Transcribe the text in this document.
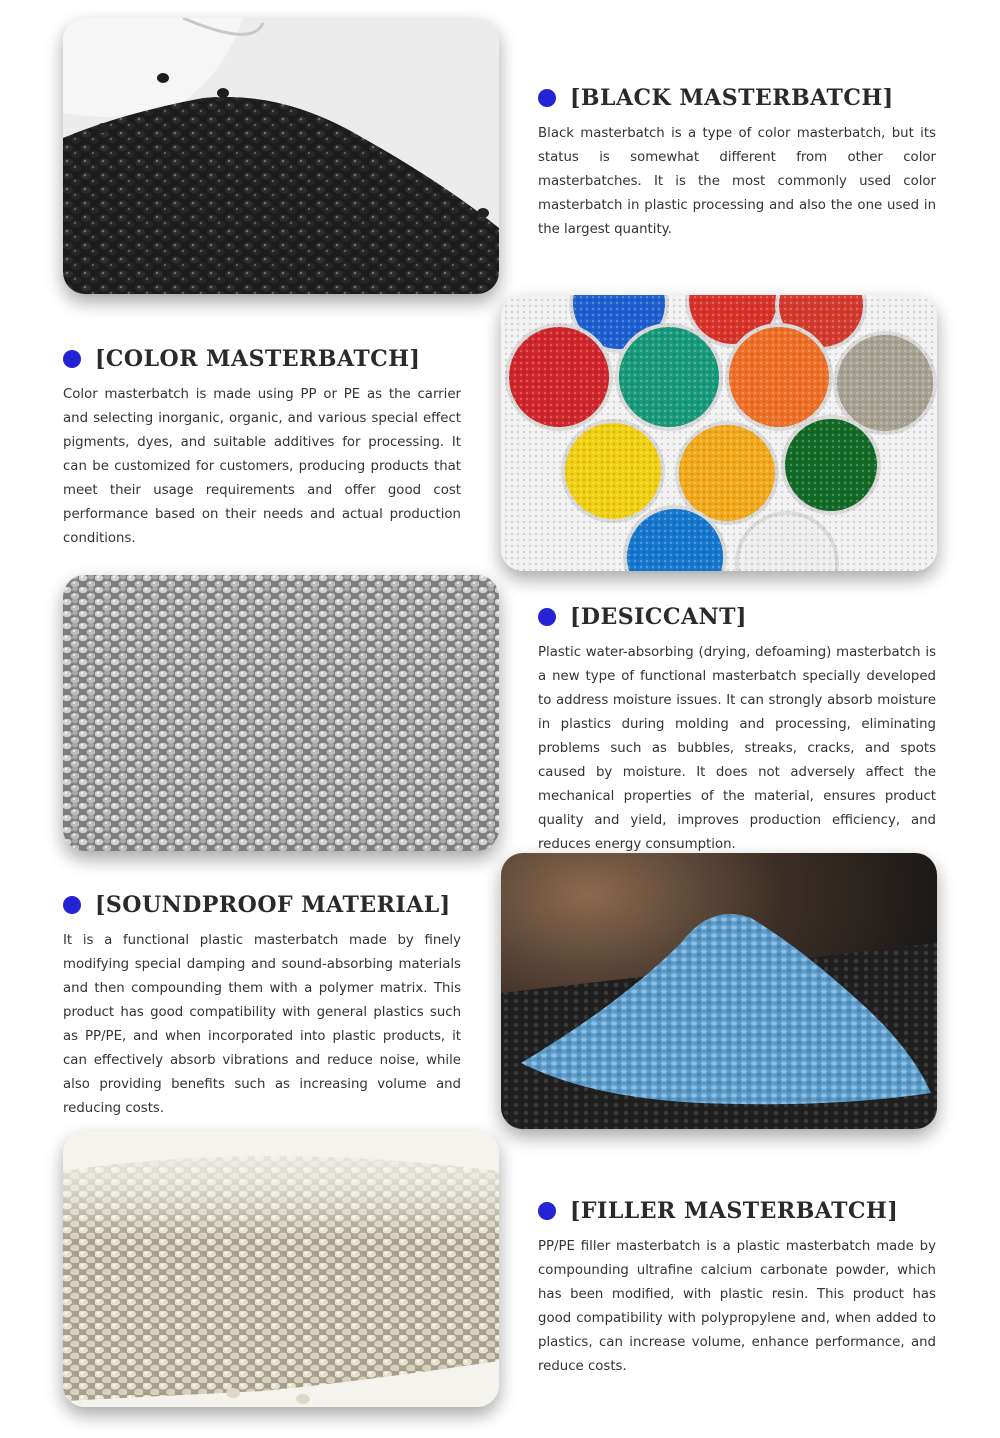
[BLACK MASTERBATCH]

Black masterbatch is a type of color masterbatch, but its status is somewhat different from other color masterbatches. It is the most commonly used color masterbatch in plastic processing and also the one used in the largest quantity.

[COLOR MASTERBATCH]

Color masterbatch is made using PP or PE as the carrier and selecting inorganic, organic, and various special effect pigments, dyes, and suitable additives for processing. It can be customized for customers, producing products that meet their usage requirements and offer good cost performance based on their needs and actual production conditions.

[DESICCANT]

Plastic water-absorbing (drying, defoaming) masterbatch is a new type of functional masterbatch specially developed to address moisture issues. It can strongly absorb moisture in plastics during molding and processing, eliminating problems such as bubbles, streaks, cracks, and spots caused by moisture. It does not adversely affect the mechanical properties of the material, ensures product quality and yield, improves production efficiency, and reduces energy consumption.

[SOUNDPROOF MATERIAL]

It is a functional plastic masterbatch made by finely modifying special damping and sound-absorbing materials and then compounding them with a polymer matrix. This product has good compatibility with general plastics such as PP/PE, and when incorporated into plastic products, it can effectively absorb vibrations and reduce noise, while also providing benefits such as increasing volume and reducing costs.

[FILLER MASTERBATCH]

PP/PE filler masterbatch is a plastic masterbatch made by compounding ultrafine calcium carbonate powder, which has been modified, with plastic resin. This product has good compatibility with polypropylene and, when added to plastics, can increase volume, enhance performance, and reduce costs.
